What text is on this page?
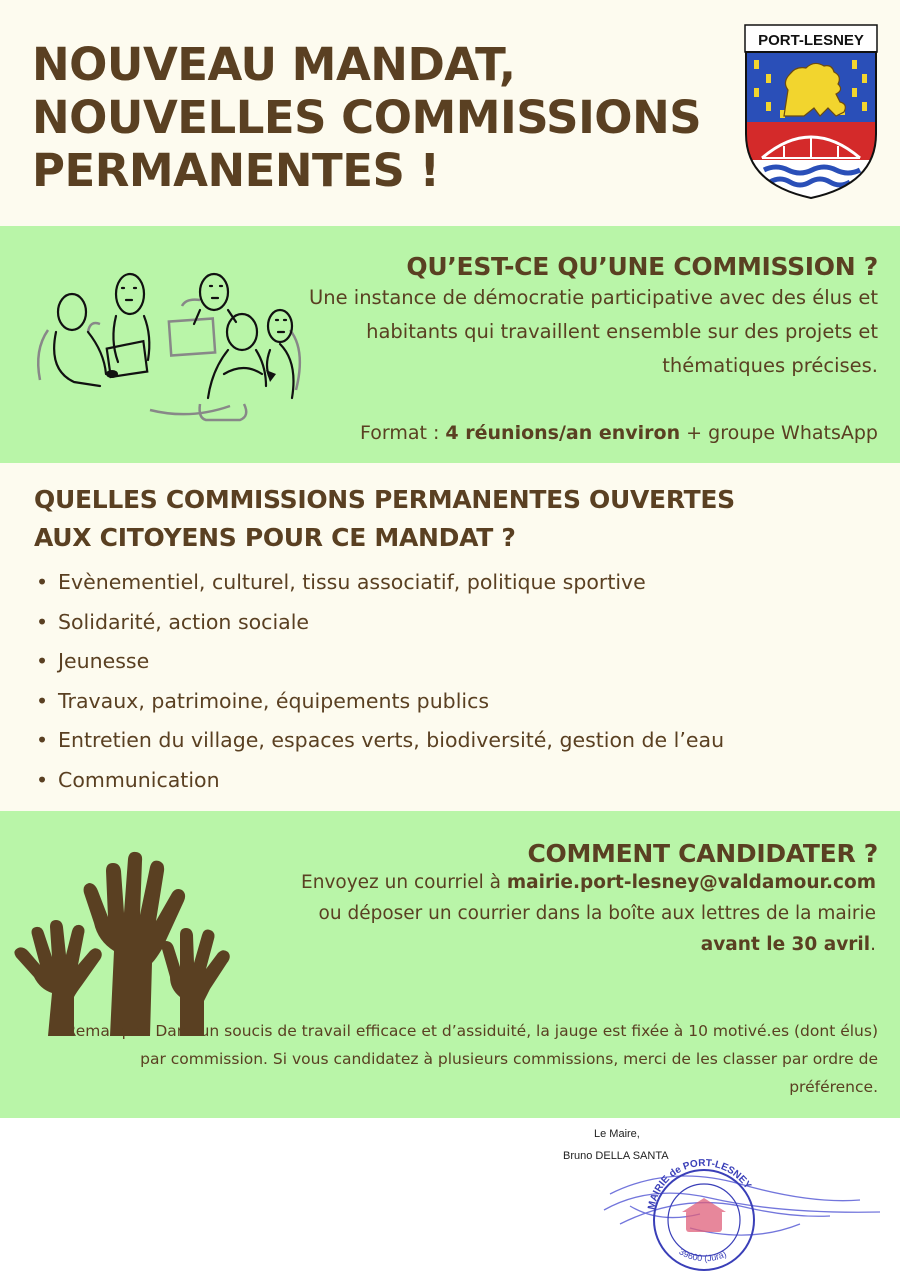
NOUVEAU MANDAT,
NOUVELLES COMMISSIONS
PERMANENTES !
PORT-LESNEY
QU’EST-CE QU’UNE COMMISSION ?
Une instance de démocratie participative avec des élus et habitants qui travaillent ensemble sur des projets et thématiques précises.
Format : 4 réunions/an environ + groupe WhatsApp
QUELLES COMMISSIONS PERMANENTES OUVERTES
AUX CITOYENS POUR CE MANDAT ?
• Evènementiel, culturel, tissu associatif, politique sportive
• Solidarité, action sociale
• Jeunesse
• Travaux, patrimoine, équipements publics
• Entretien du village, espaces verts, biodiversité, gestion de l’eau
• Communication
COMMENT CANDIDATER ?
Envoyez un courriel à mairie.port-lesney@valdamour.com
ou déposer un courrier dans la boîte aux lettres de la mairie
avant le 30 avril.
Remarque: Dans un soucis de travail efficace et d’assiduité, la jauge est fixée à 10 motivé.es (dont élus) par commission. Si vous candidatez à plusieurs commissions, merci de les classer par ordre de préférence.
Le Maire,
Bruno DELLA SANTA
MAIRIE de PORT-LESNEY
39600 (Jura)
